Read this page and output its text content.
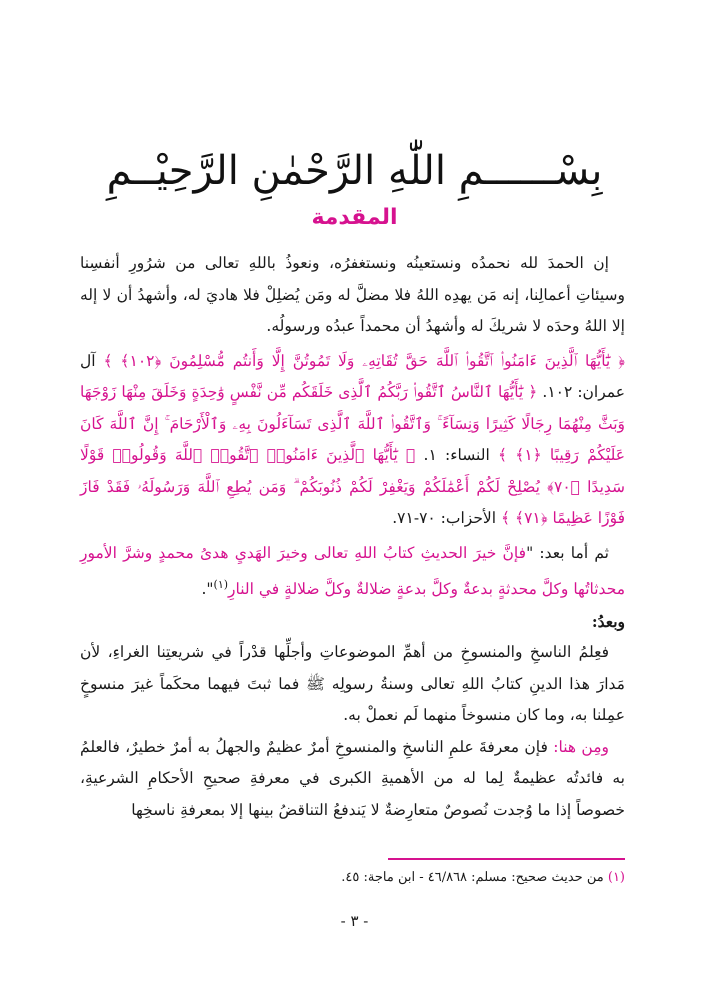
بِسْــــــمِ اللّٰهِ الرَّحْمٰنِ الرَّحِيْــمِ
المقدمة

إن الحمدَ لله نحمدُه ونستعينُه ونستغفرُه، ونعوذُ باللهِ تعالى من شرُورِ أنفسِنا وسيئاتِ أعمالِنا، إنه مَن يهدِه اللهُ فلا مضلَّ له ومَن يُضلِلْ فلا هاديَ له، وأشهدُ أن لا إله إلا اللهُ وحدَه لا شريكَ له وأشهدُ أن محمداً عبدُه ورسولُه.

﴿ يَٰٓأَيُّهَا ٱلَّذِينَ ءَامَنُوا۟ ٱتَّقُوا۟ ٱللَّهَ حَقَّ تُقَاتِهِۦ وَلَا تَمُوتُنَّ إِلَّا وَأَنتُم مُّسْلِمُونَ ﴿١٠٢﴾ ﴾ آل عمران: ١٠٢. ﴿ يَٰٓأَيُّهَا ٱلنَّاسُ ٱتَّقُوا۟ رَبَّكُمُ ٱلَّذِى خَلَقَكُم مِّن نَّفْسٍ وَٰحِدَةٍ وَخَلَقَ مِنْهَا زَوْجَهَا وَبَثَّ مِنْهُمَا رِجَالًا كَثِيرًا وَنِسَآءً ۚ وَٱتَّقُوا۟ ٱللَّهَ ٱلَّذِى تَسَآءَلُونَ بِهِۦ وَٱلْأَرْحَامَ ۚ إِنَّ ٱللَّهَ كَانَ عَلَيْكُمْ رَقِيبًا ﴿١﴾ ﴾ النساء: ١. ﴿ يَٰٓأَيُّهَا ٱلَّذِينَ ءَامَنُوا۟ ٱتَّقُوا۟ ٱللَّهَ وَقُولُوا۟ قَوْلًا سَدِيدًا ﴿٧٠﴾ يُصْلِحْ لَكُمْ أَعْمَٰلَكُمْ وَيَغْفِرْ لَكُمْ ذُنُوبَكُمْ ۗ وَمَن يُطِعِ ٱللَّهَ وَرَسُولَهُۥ فَقَدْ فَازَ فَوْزًا عَظِيمًا ﴿٧١﴾ ﴾ الأحزاب: ٧٠-٧١.

ثم أما بعد: "فإنَّ خيرَ الحديثِ كتابُ اللهِ تعالى وخيرَ الهَديِ هدىُ محمدٍ وشرَّ الأمورِ محدثاتُها وكلَّ محدثةٍ بدعةٌ وكلَّ بدعةٍ ضلالةٌ وكلَّ ضلالةٍ في النارِ$^{(١)}$".

وبعدُ:

فعِلمُ الناسخِ والمنسوخِ من أهمِّ الموضوعاتِ وأجلِّها قدْراً في شريعتِنا الغراءِ، لأن مَدارَ هذا الدينِ كتابُ اللهِ تعالى وسنةُ رسولِه ﷺ فما ثبتَ فيهما محكَماً غيرَ منسوخٍ عمِلنا به، وما كان منسوخاً منهما لَم نعملْ به.

ومِن هنا: فإن معرفةَ علمِ الناسخِ والمنسوخِ أمرٌ عظيمٌ والجهلُ به أمرٌ خطيرٌ، فالعلمُ به فائدتُه عظيمةٌ لِما له من الأهميةِ الكبرى في معرفةِ صحيحِ الأحكامِ الشرعيةِ، خصوصاً إذا ما وُجدت نُصوصٌ متعارِضةٌ لا يَندفعُ التناقضُ بينها إلا بمعرفةِ ناسخِها

(١) من حديث صحيح: مسلم: ٤٦/٨٦٨ - ابن ماجة: ٤٥.
- ٣ -
